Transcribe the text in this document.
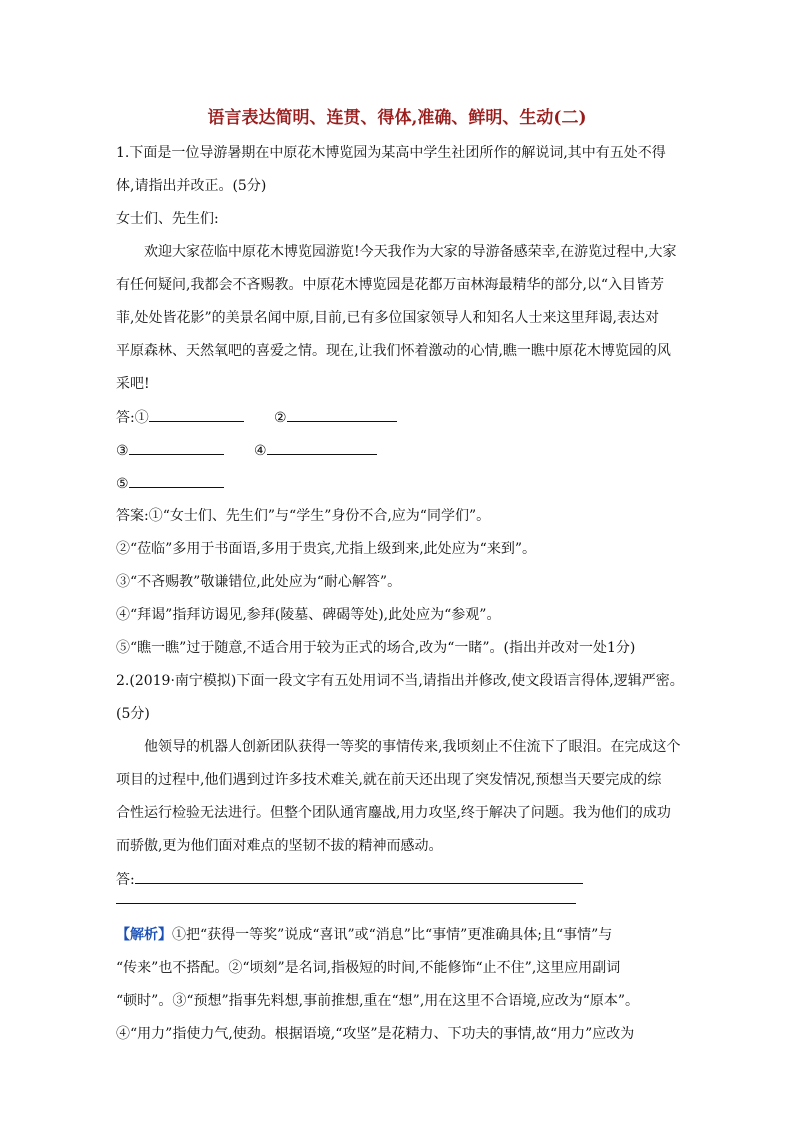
语言表达简明、连贯、得体,准确、鲜明、生动(二)
1.下面是一位导游暑期在中原花木博览园为某高中学生社团所作的解说词,其中有五处不得
体,请指出并改正。(5分)
女士们、先生们:
欢迎大家莅临中原花木博览园游览!今天我作为大家的导游备感荣幸,在游览过程中,大家
有任何疑问,我都会不吝赐教。中原花木博览园是花都万亩林海最精华的部分,以“入目皆芳
菲,处处皆花影”的美景名闻中原,目前,已有多位国家领导人和知名人士来这里拜谒,表达对
平原森林、天然氧吧的喜爱之情。现在,让我们怀着激动的心情,瞧一瞧中原花木博览园的风
采吧!
答:①	②
③	④
⑤
答案:①“女士们、先生们”与“学生”身份不合,应为“同学们”。
②“莅临”多用于书面语,多用于贵宾,尤指上级到来,此处应为“来到”。
③“不吝赐教”敬谦错位,此处应为“耐心解答”。
④“拜谒”指拜访谒见,参拜(陵墓、碑碣等处),此处应为“参观”。
⑤“瞧一瞧”过于随意,不适合用于较为正式的场合,改为“一睹”。(指出并改对一处1分)
2.(2019·南宁模拟)下面一段文字有五处用词不当,请指出并修改,使文段语言得体,逻辑严密。
(5分)
他领导的机器人创新团队获得一等奖的事情传来,我顷刻止不住流下了眼泪。在完成这个
项目的过程中,他们遇到过许多技术难关,就在前天还出现了突发情况,预想当天要完成的综
合性运行检验无法进行。但整个团队通宵鏖战,用力攻坚,终于解决了问题。我为他们的成功
而骄傲,更为他们面对难点的坚韧不拔的精神而感动。
答:
【解析】①把“获得一等奖”说成“喜讯”或“消息”比“事情”更准确具体;且“事情”与
“传来”也不搭配。②“顷刻”是名词,指极短的时间,不能修饰“止不住”,这里应用副词
“顿时”。③“预想”指事先料想,事前推想,重在“想”,用在这里不合语境,应改为“原本”。
④“用力”指使力气,使劲。根据语境,“攻坚”是花精力、下功夫的事情,故“用力”应改为
